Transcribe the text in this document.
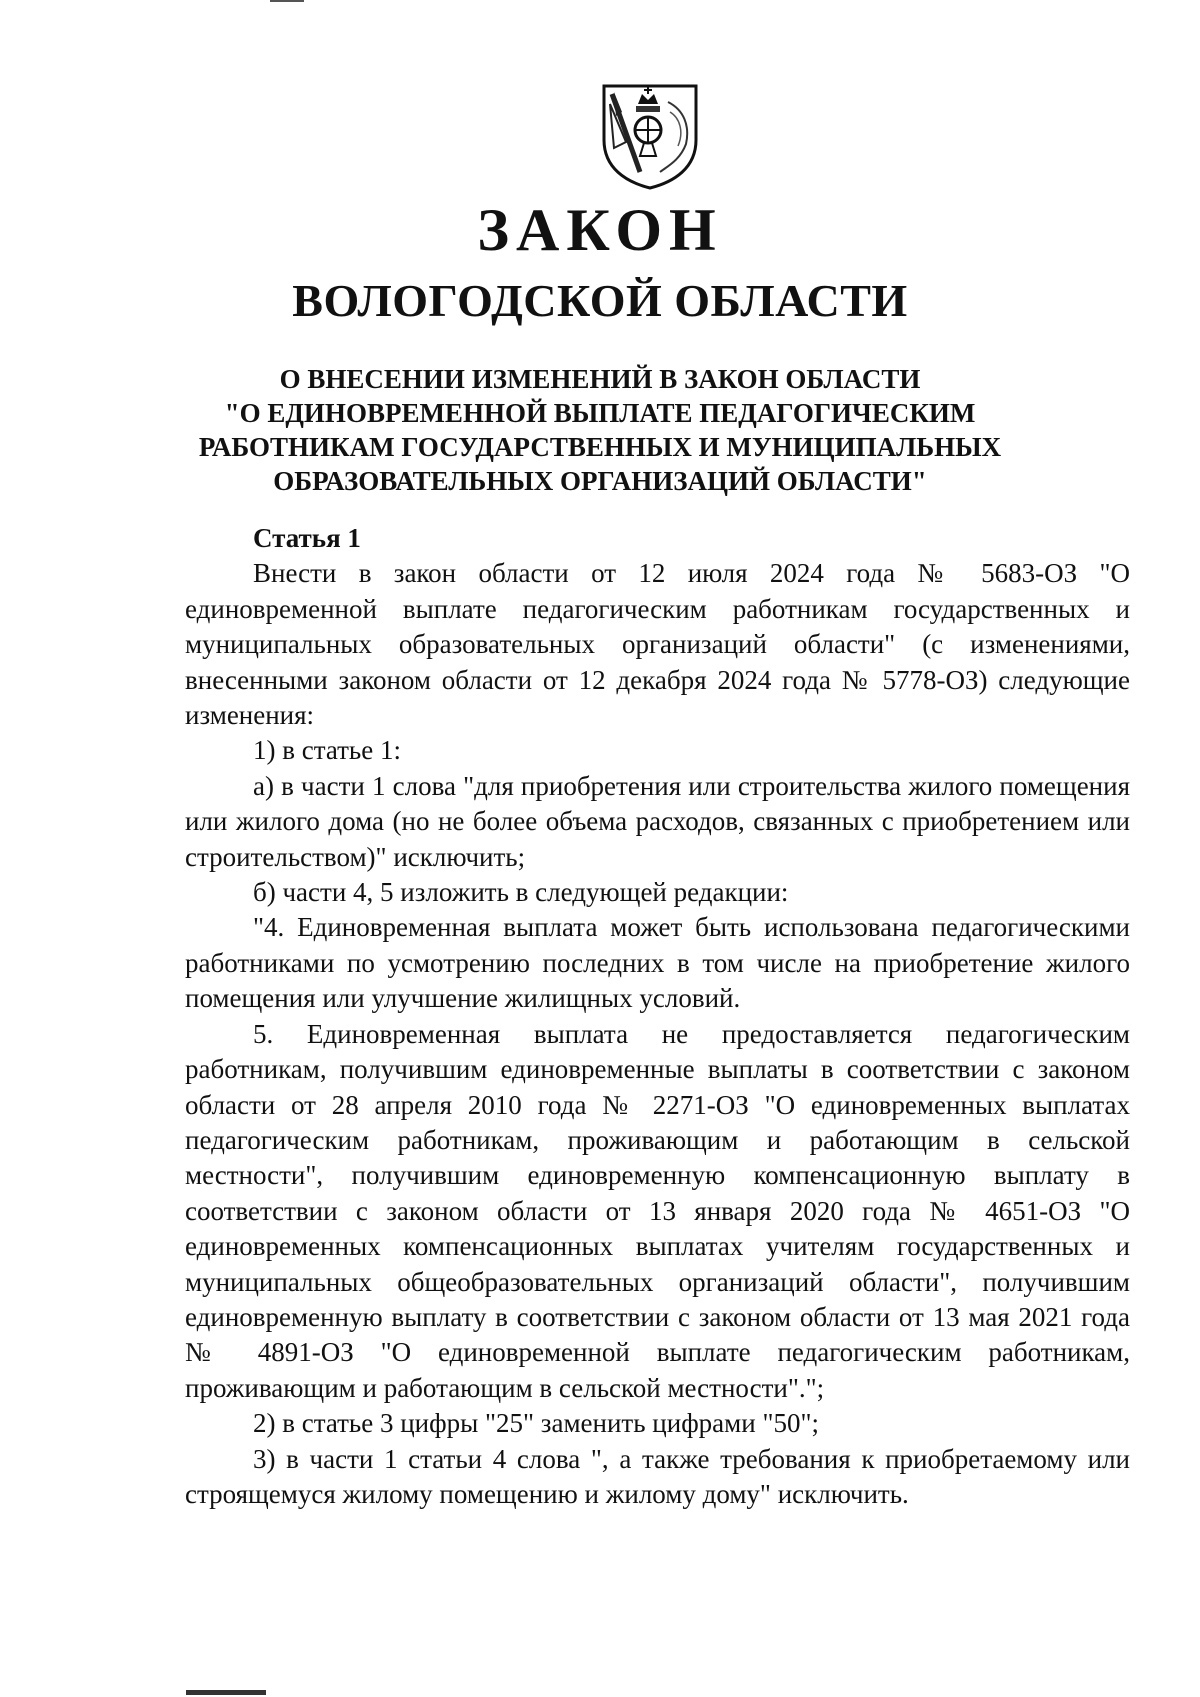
ЗАКОН
ВОЛОГОДСКОЙ ОБЛАСТИ
О ВНЕСЕНИИ ИЗМЕНЕНИЙ В ЗАКОН ОБЛАСТИ
"О ЕДИНОВРЕМЕННОЙ ВЫПЛАТЕ ПЕДАГОГИЧЕСКИМ
РАБОТНИКАМ ГОСУДАРСТВЕННЫХ И МУНИЦИПАЛЬНЫХ
ОБРАЗОВАТЕЛЬНЫХ ОРГАНИЗАЦИЙ ОБЛАСТИ"

Статья 1

Внести в закон области от 12 июля 2024 года № 5683-ОЗ "О единовременной выплате педагогическим работникам государственных и муниципальных образовательных организаций области" (с изменениями, внесенными законом области от 12 декабря 2024 года № 5778-ОЗ) следующие изменения:

1) в статье 1:

а) в части 1 слова "для приобретения или строительства жилого помещения или жилого дома (но не более объема расходов, связанных с приобретением или строительством)" исключить;

б) части 4, 5 изложить в следующей редакции:

"4. Единовременная выплата может быть использована педагогическими работниками по усмотрению последних в том числе на приобретение жилого помещения или улучшение жилищных условий.

5. Единовременная выплата не предоставляется педагогическим работникам, получившим единовременные выплаты в соответствии с законом области от 28 апреля 2010 года № 2271-ОЗ "О единовременных выплатах педагогическим работникам, проживающим и работающим в сельской местности", получившим единовременную компенсационную выплату в соответствии с законом области от 13 января 2020 года № 4651-ОЗ "О единовременных компенсационных выплатах учителям государственных и муниципальных общеобразовательных организаций области", получившим единовременную выплату в соответствии с законом области от 13 мая 2021 года № 4891-ОЗ "О единовременной выплате педагогическим работникам, проживающим и работающим в сельской местности".";

2) в статье 3 цифры "25" заменить цифрами "50";

3) в части 1 статьи 4 слова ", а также требования к приобретаемому или строящемуся жилому помещению и жилому дому" исключить.
